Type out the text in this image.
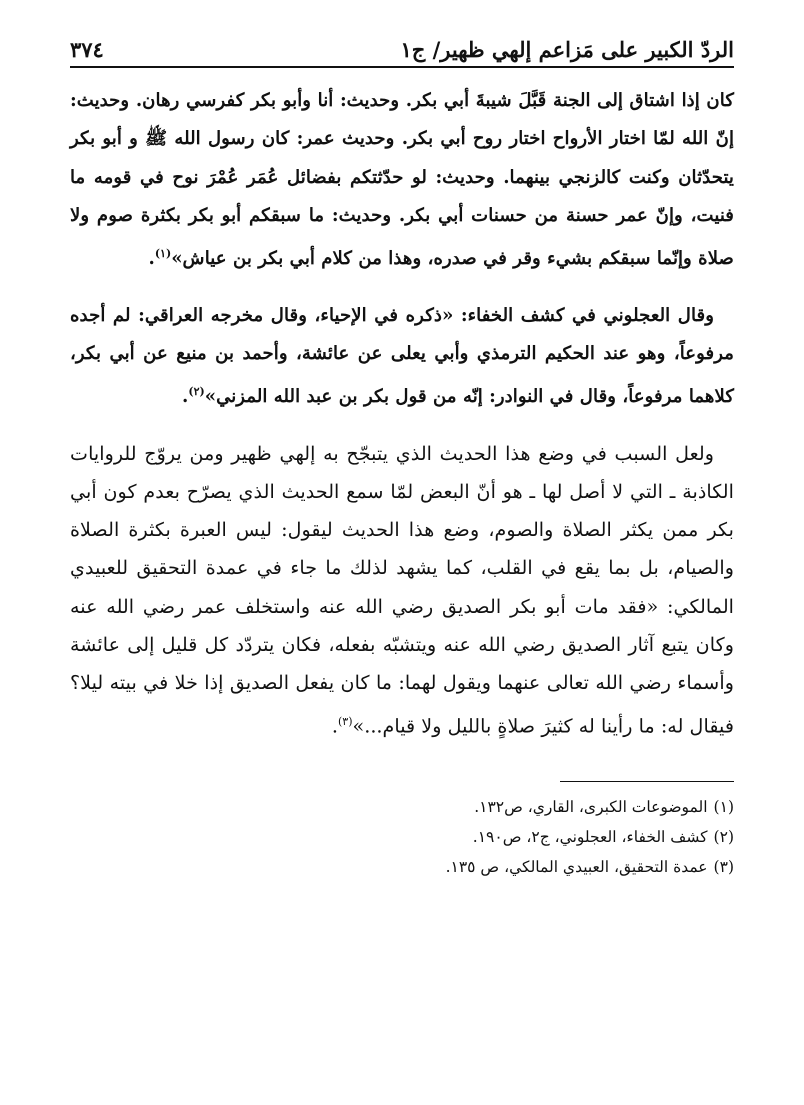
الردّ الكبير على مَزاعم إلهي ظهير/ ج١
٣٧٤

كان إذا اشتاق إلى الجنة قَبَّلَ شيبةَ أبي بكر. وحديث: أنا وأبو بكر كفرسي رهان. وحديث: إنّ الله لمّا اختار الأرواح اختار روح أبي بكر. وحديث عمر: كان رسول الله ﷺ و أبو بكر يتحدّثان وكنت كالزنجي بينهما. وحديث: لو حدّثتكم بفضائل عُمَر عُمْرَ نوح في قومه ما فنيت، وإنّ عمر حسنة من حسنات أبي بكر. وحديث: ما سبقكم أبو بكر بكثرة صوم ولا صلاة وإنّما سبقكم بشيء وقر في صدره، وهذا من كلام أبي بكر بن عياش»$^{(١)}$.

وقال العجلوني في كشف الخفاء: «ذكره في الإحياء، وقال مخرجه العراقي: لم أجده مرفوعاً، وهو عند الحكيم الترمذي وأبي يعلى عن عائشة، وأحمد بن منيع عن أبي بكر، كلاهما مرفوعاً، وقال في النوادر: إنّه من قول بكر بن عبد الله المزني»$^{(٢)}$.

ولعل السبب في وضع هذا الحديث الذي يتبجّح به إلهي ظهير ومن يروّج للروايات الكاذبة ـ التي لا أصل لها ـ هو أنّ البعض لمّا سمع الحديث الذي يصرّح بعدم كون أبي بكر ممن يكثر الصلاة والصوم، وضع هذا الحديث ليقول: ليس العبرة بكثرة الصلاة والصيام، بل بما يقع في القلب، كما يشهد لذلك ما جاء في عمدة التحقيق للعبيدي المالكي: «فقد مات أبو بكر الصديق رضي الله عنه واستخلف عمر رضي الله عنه وكان يتبع آثار الصديق رضي الله عنه ويتشبّه بفعله، فكان يتردّد كل قليل إلى عائشة وأسماء رضي الله تعالى عنهما ويقول لهما: ما كان يفعل الصديق إذا خلا في بيته ليلا؟ فيقال له: ما رأينا له كثيرَ صلاةٍ بالليل ولا قيام...»$^{(٣)}$.

(١)الموضوعات الكبرى، القاري، ص١٣٢.

(٢)كشف الخفاء، العجلوني، ج٢، ص١٩٠.

(٣)عمدة التحقيق، العبيدي المالكي، ص ١٣٥.
